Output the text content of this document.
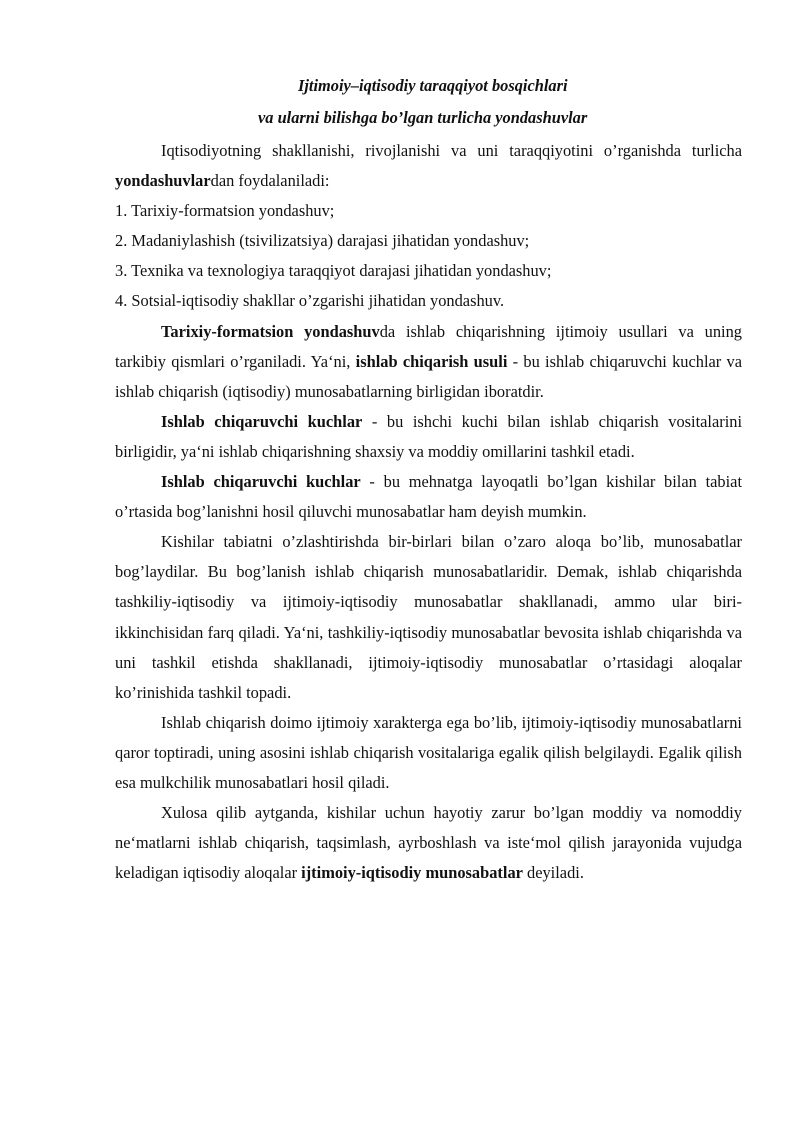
Ijtimoiy–iqtisodiy taraqqiyot bosqichlari
va ularni bilishga bo’lgan turlicha yondashuvlar

Iqtisodiyotning shakllanishi, rivojlanishi va uni taraqqiyotini o’rganishda turlicha yondashuvlardan foydalaniladi:

1. Tarixiy-formatsion yondashuv;

2. Madaniylashish (tsivilizatsiya) darajasi jihatidan yondashuv;

3. Texnika va texnologiya taraqqiyot darajasi jihatidan yondashuv;

4. Sotsial-iqtisodiy shakllar o’zgarishi jihatidan yondashuv.

Tarixiy-formatsion yondashuvda ishlab chiqarishning ijtimoiy usullari va uning tarkibiy qismlari o’rganiladi. Ya‘ni, ishlab chiqarish usuli - bu ishlab chiqaruvchi kuchlar va ishlab chiqarish (iqtisodiy) munosabatlarning birligidan iboratdir.

Ishlab chiqaruvchi kuchlar - bu ishchi kuchi bilan ishlab chiqarish vositalarini birligidir, ya‘ni ishlab chiqarishning shaxsiy va moddiy omillarini tashkil etadi.

Ishlab chiqaruvchi kuchlar - bu mehnatga layoqatli bo’lgan kishilar bilan tabiat o’rtasida bog’lanishni hosil qiluvchi munosabatlar ham deyish mumkin.

Kishilar tabiatni o’zlashtirishda bir-birlari bilan o’zaro aloqa bo’lib, munosabatlar bog’laydilar. Bu bog’lanish ishlab chiqarish munosabatlaridir. Demak, ishlab chiqarishda tashkiliy-iqtisodiy va ijtimoiy-iqtisodiy munosabatlar shakllanadi, ammo ular biri-ikkinchisidan farq qiladi. Ya‘ni, tashkiliy-iqtisodiy munosabatlar bevosita ishlab chiqarishda va uni tashkil etishda shakllanadi, ijtimoiy-iqtisodiy munosabatlar o’rtasidagi aloqalar ko’rinishida tashkil topadi.

Ishlab chiqarish doimo ijtimoiy xarakterga ega bo’lib, ijtimoiy-iqtisodiy munosabatlarni qaror toptiradi, uning asosini ishlab chiqarish vositalariga egalik qilish belgilaydi. Egalik qilish esa mulkchilik munosabatlari hosil qiladi.

Xulosa qilib aytganda, kishilar uchun hayotiy zarur bo’lgan moddiy va nomoddiy ne‘matlarni ishlab chiqarish, taqsimlash, ayrboshlash va iste‘mol qilish jarayonida vujudga keladigan iqtisodiy aloqalar ijtimoiy-iqtisodiy munosabatlar deyiladi.
